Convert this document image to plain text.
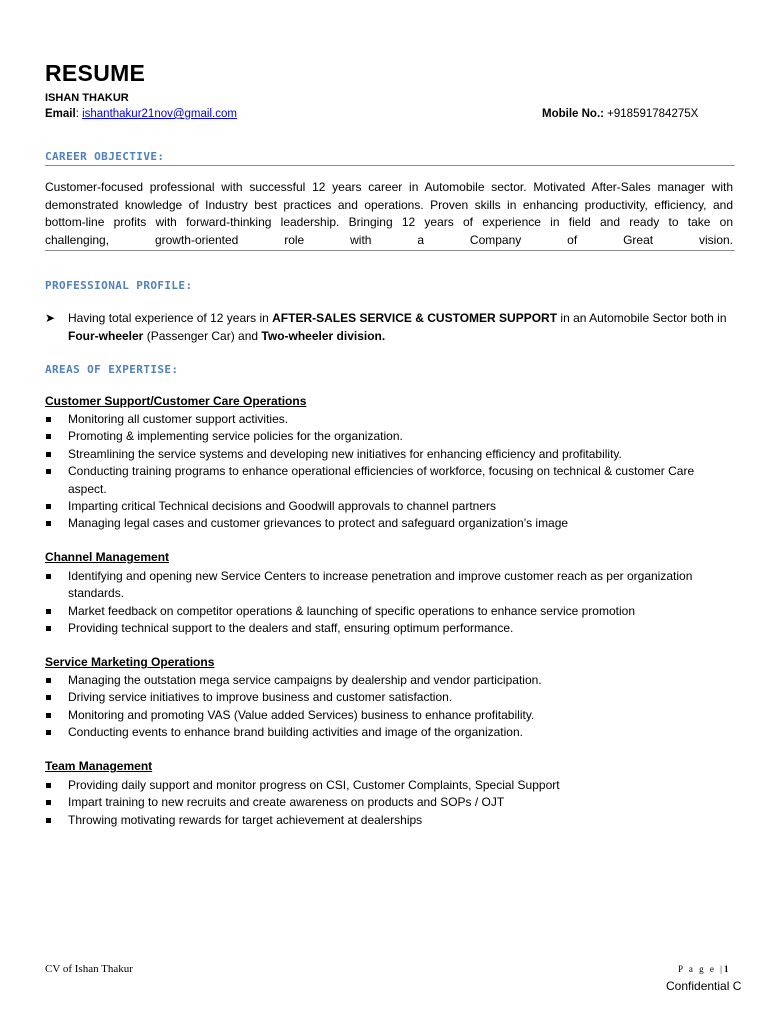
RESUME
ISHAN THAKUR
Email: ishanthakur21nov@gmail.com	Mobile No.: +918591784275X
CAREER OBJECTIVE:
Customer-focused professional with successful 12 years career in Automobile sector. Motivated After-Sales manager with
demonstrated knowledge of Industry best practices and operations. Proven skills in enhancing productivity, efficiency, and
bottom-line profits with forward-thinking leadership. Bringing 12 years of experience in field and ready to take on
challenging, growth-oriented role with a Company of Great vision.
PROFESSIONAL PROFILE:
➤ Having total experience of 12 years in AFTER-SALES SERVICE & CUSTOMER SUPPORT in an Automobile Sector both in
Four-wheeler (Passenger Car) and Two-wheeler division.
AREAS OF EXPERTISE:
Customer Support/Customer Care Operations
Monitoring all customer support activities.
Promoting & implementing service policies for the organization.
Streamlining the service systems and developing new initiatives for enhancing efficiency and profitability.
Conducting training programs to enhance operational efficiencies of workforce, focusing on technical & customer Care aspect.
Imparting critical Technical decisions and Goodwill approvals to channel partners
Managing legal cases and customer grievances to protect and safeguard organization’s image
Channel Management
Identifying and opening new Service Centers to increase penetration and improve customer reach as per organization standards.
Market feedback on competitor operations & launching of specific operations to enhance service promotion
Providing technical support to the dealers and staff, ensuring optimum performance.
Service Marketing Operations
Managing the outstation mega service campaigns by dealership and vendor participation.
Driving service initiatives to improve business and customer satisfaction.
Monitoring and promoting VAS (Value added Services) business to enhance profitability.
Conducting events to enhance brand building activities and image of the organization.
Team Management
Providing daily support and monitor progress on CSI, Customer Complaints, Special Support
Impart training to new recruits and create awareness on products and SOPs / OJT
Throwing motivating rewards for target achievement at dealerships
CV of Ishan Thakur	P a g e |1
Confidential C
